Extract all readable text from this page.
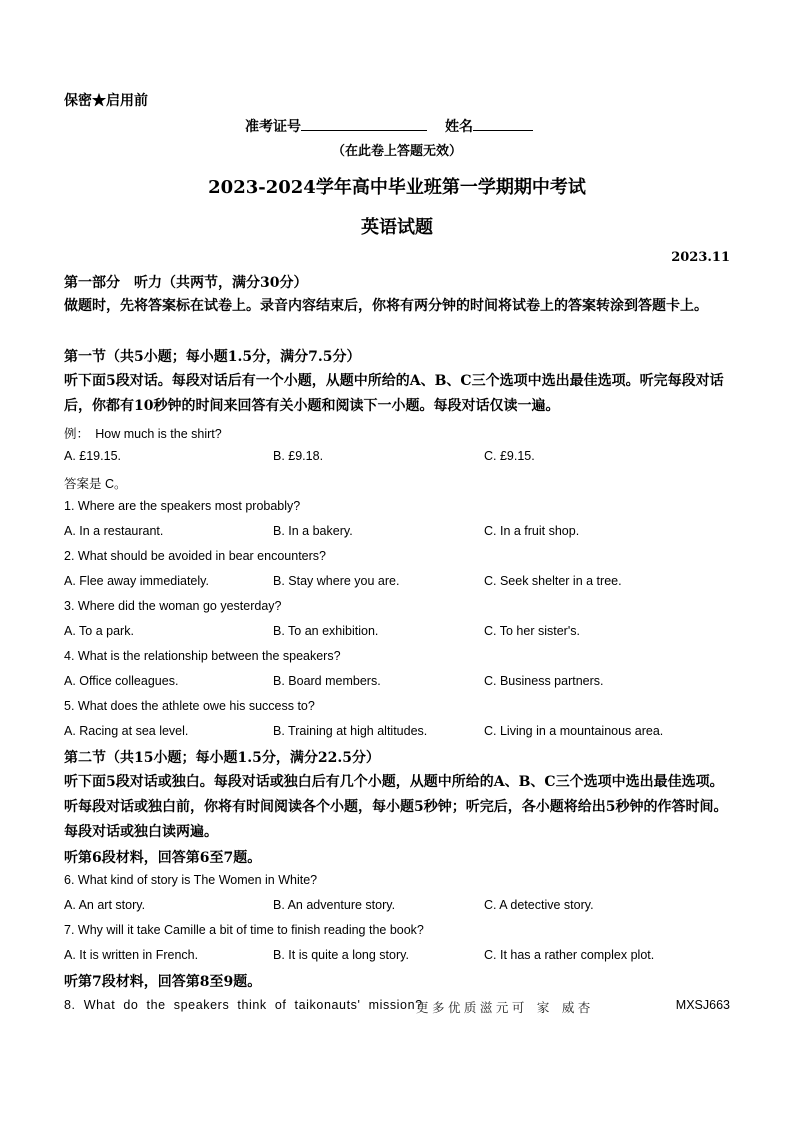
保密★启用前
准考证号	姓名
（在此卷上答题无效）
2023-2024学年高中毕业班第一学期期中考试
英语试题
2023.11
第一部分　听力（共两节，满分30分）
做题时，先将答案标在试卷上。录音内容结束后，你将有两分钟的时间将试卷上的答案转涂到答题卡上。
第一节（共5小题；每小题1.5分，满分7.5分）
听下面5段对话。每段对话后有一个小题，从题中所给的A、B、C三个选项中选出最佳选项。听完每段对话后，你都有10秒钟的时间来回答有关小题和阅读下一小题。每段对话仅读一遍。
例：　How much is the shirt?
A. £19.15.	B. £9.18.	C. £9.15.
答案是 C。
1. Where are the speakers most probably?
A. In a restaurant.	B. In a bakery.	C. In a fruit shop.
2. What should be avoided in bear encounters?
A. Flee away immediately.	B. Stay where you are.	C. Seek shelter in a tree.
3. Where did the woman go yesterday?
A. To a park.	B. To an exhibition.	C. To her sister's.
4. What is the relationship between the speakers?
A. Office colleagues.	B. Board members.	C. Business partners.
5. What does the athlete owe his success to?
A. Racing at sea level.	B. Training at high altitudes.	C. Living in a mountainous area.
第二节（共15小题；每小题1.5分，满分22.5分）
听下面5段对话或独白。每段对话或独白后有几个小题，从题中所给的A、B、C三个选项中选出最佳选项。听每段对话或独白前，你将有时间阅读各个小题，每小题5秒钟；听完后，各小题将给出5秒钟的作答时间。每段对话或独白读两遍。
听第6段材料，回答第6至7题。
6. What kind of story is The Women in White?
A. An art story.	B. An adventure story.	C. A detective story.
7. Why will it take Camille a bit of time to finish reading the book?
A. It is written in French.	B. It is quite a long story.	C. It has a rather complex plot.
听第7段材料，回答第8至9题。
8. What do the speakers think of taikonauts' mission?
更 多 优 质 滋 元 可　家　威 杏	MXSJ663
